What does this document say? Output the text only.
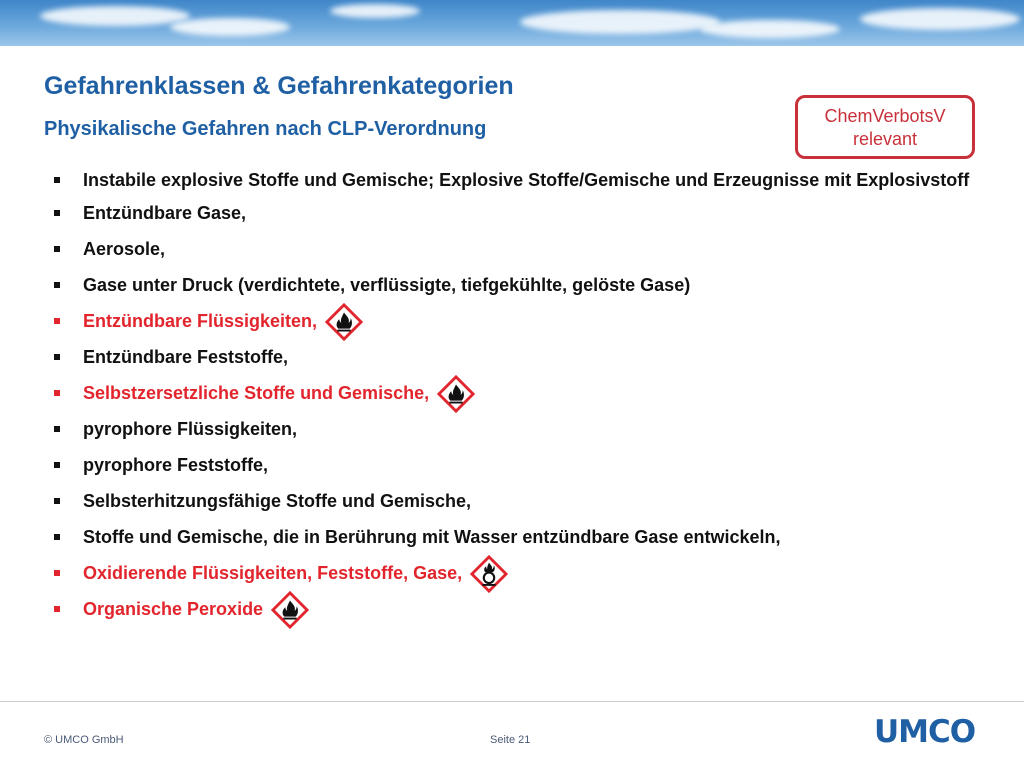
Gefahrenklassen & Gefahrenkategorien
Physikalische Gefahren nach CLP-Verordnung
ChemVerbotsV
relevant
Instabile explosive Stoffe und Gemische; Explosive Stoffe/Gemische und Erzeugnisse mit Explosivstoff
Entzündbare Gase,
Aerosole,
Gase unter Druck (verdichtete, verflüssigte, tiefgekühlte, gelöste Gase)
Entzündbare Flüssigkeiten,
Entzündbare Feststoffe,
Selbstzersetzliche Stoffe und Gemische,
pyrophore Flüssigkeiten,
pyrophore Feststoffe,
Selbsterhitzungsfähige Stoffe und Gemische,
Stoffe und Gemische, die in Berührung mit Wasser entzündbare Gase entwickeln,
Oxidierende Flüssigkeiten, Feststoffe, Gase,
Organische Peroxide
© UMCO GmbH	Seite 21	UMCO
